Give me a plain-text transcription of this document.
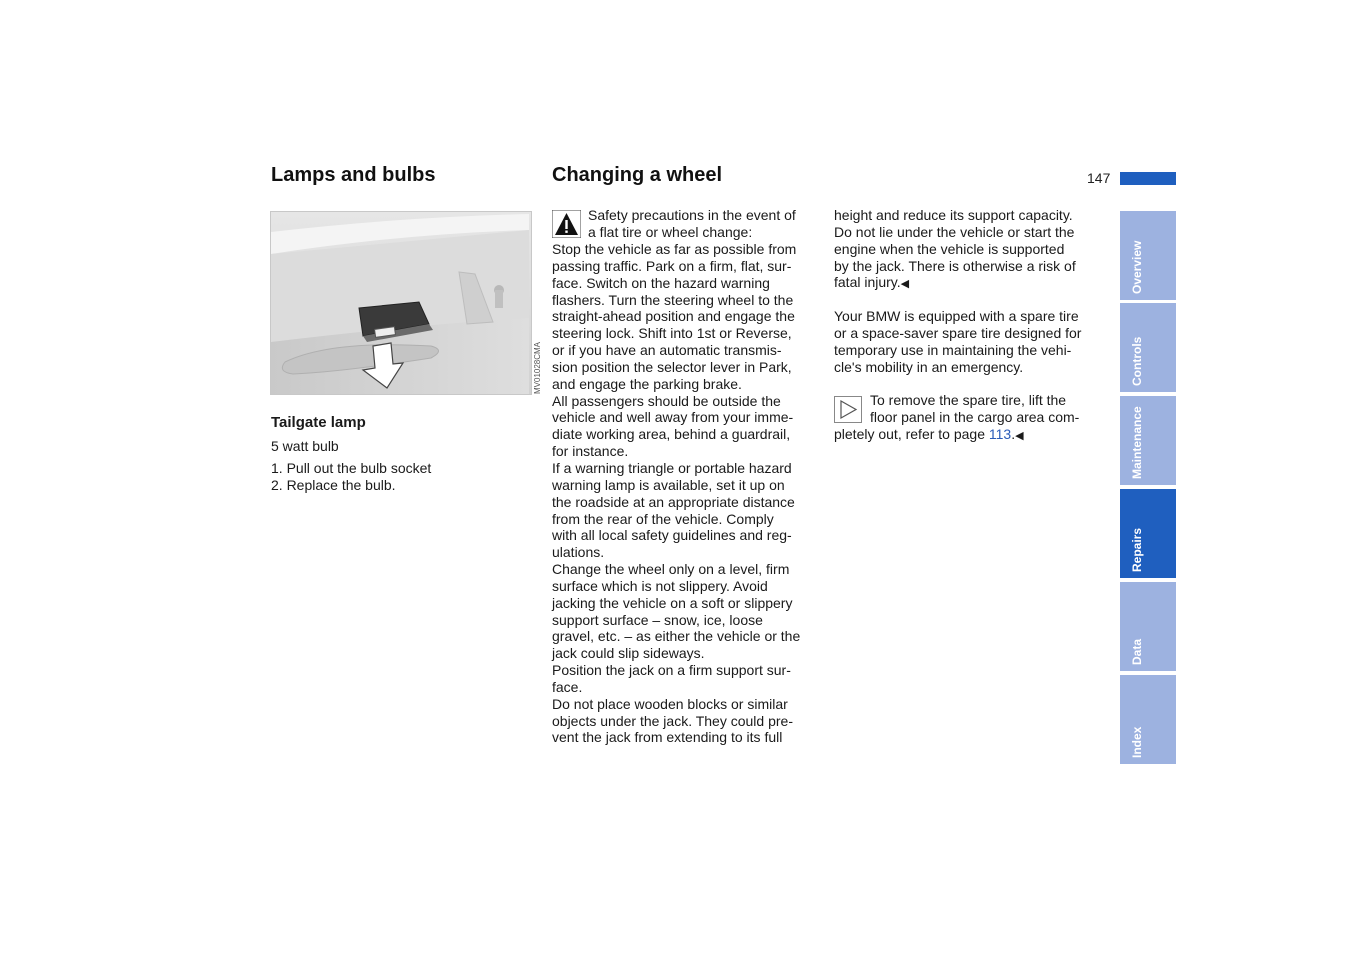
147
Lamps and bulbs	Changing a wheel
MV01028CMA
Tailgate lamp
5 watt bulb
1. Pull out the bulb socket
2. Replace the bulb.

Safety precautions in the event of

a flat tire or wheel change:

Stop the vehicle as far as possible from

passing traffic. Park on a firm, flat, sur-

face. Switch on the hazard warning

flashers. Turn the steering wheel to the

straight-ahead position and engage the

steering lock. Shift into 1st or Reverse,

or if you have an automatic transmis-

sion position the selector lever in Park,

and engage the parking brake.

All passengers should be outside the

vehicle and well away from your imme-

diate working area, behind a guardrail,

for instance.

If a warning triangle or portable hazard

warning lamp is available, set it up on

the roadside at an appropriate distance

from the rear of the vehicle. Comply

with all local safety guidelines and reg-

ulations.

Change the wheel only on a level, firm

surface which is not slippery. Avoid

jacking the vehicle on a soft or slippery

support surface – snow, ice, loose

gravel, etc. – as either the vehicle or the

jack could slip sideways.

Position the jack on a firm support sur-

face.

Do not place wooden blocks or similar

objects under the jack. They could pre-

vent the jack from extending to its full

height and reduce its support capacity.

Do not lie under the vehicle or start the

engine when the vehicle is supported

by the jack. There is otherwise a risk of

fatal injury.◀

Your BMW is equipped with a spare tire

or a space-saver spare tire designed for

temporary use in maintaining the vehi-

cle's mobility in an emergency.

To remove the spare tire, lift the

floor panel in the cargo area com-

pletely out, refer to page 113.◀

Overview
Controls
Maintenance
Repairs
Data
Index
